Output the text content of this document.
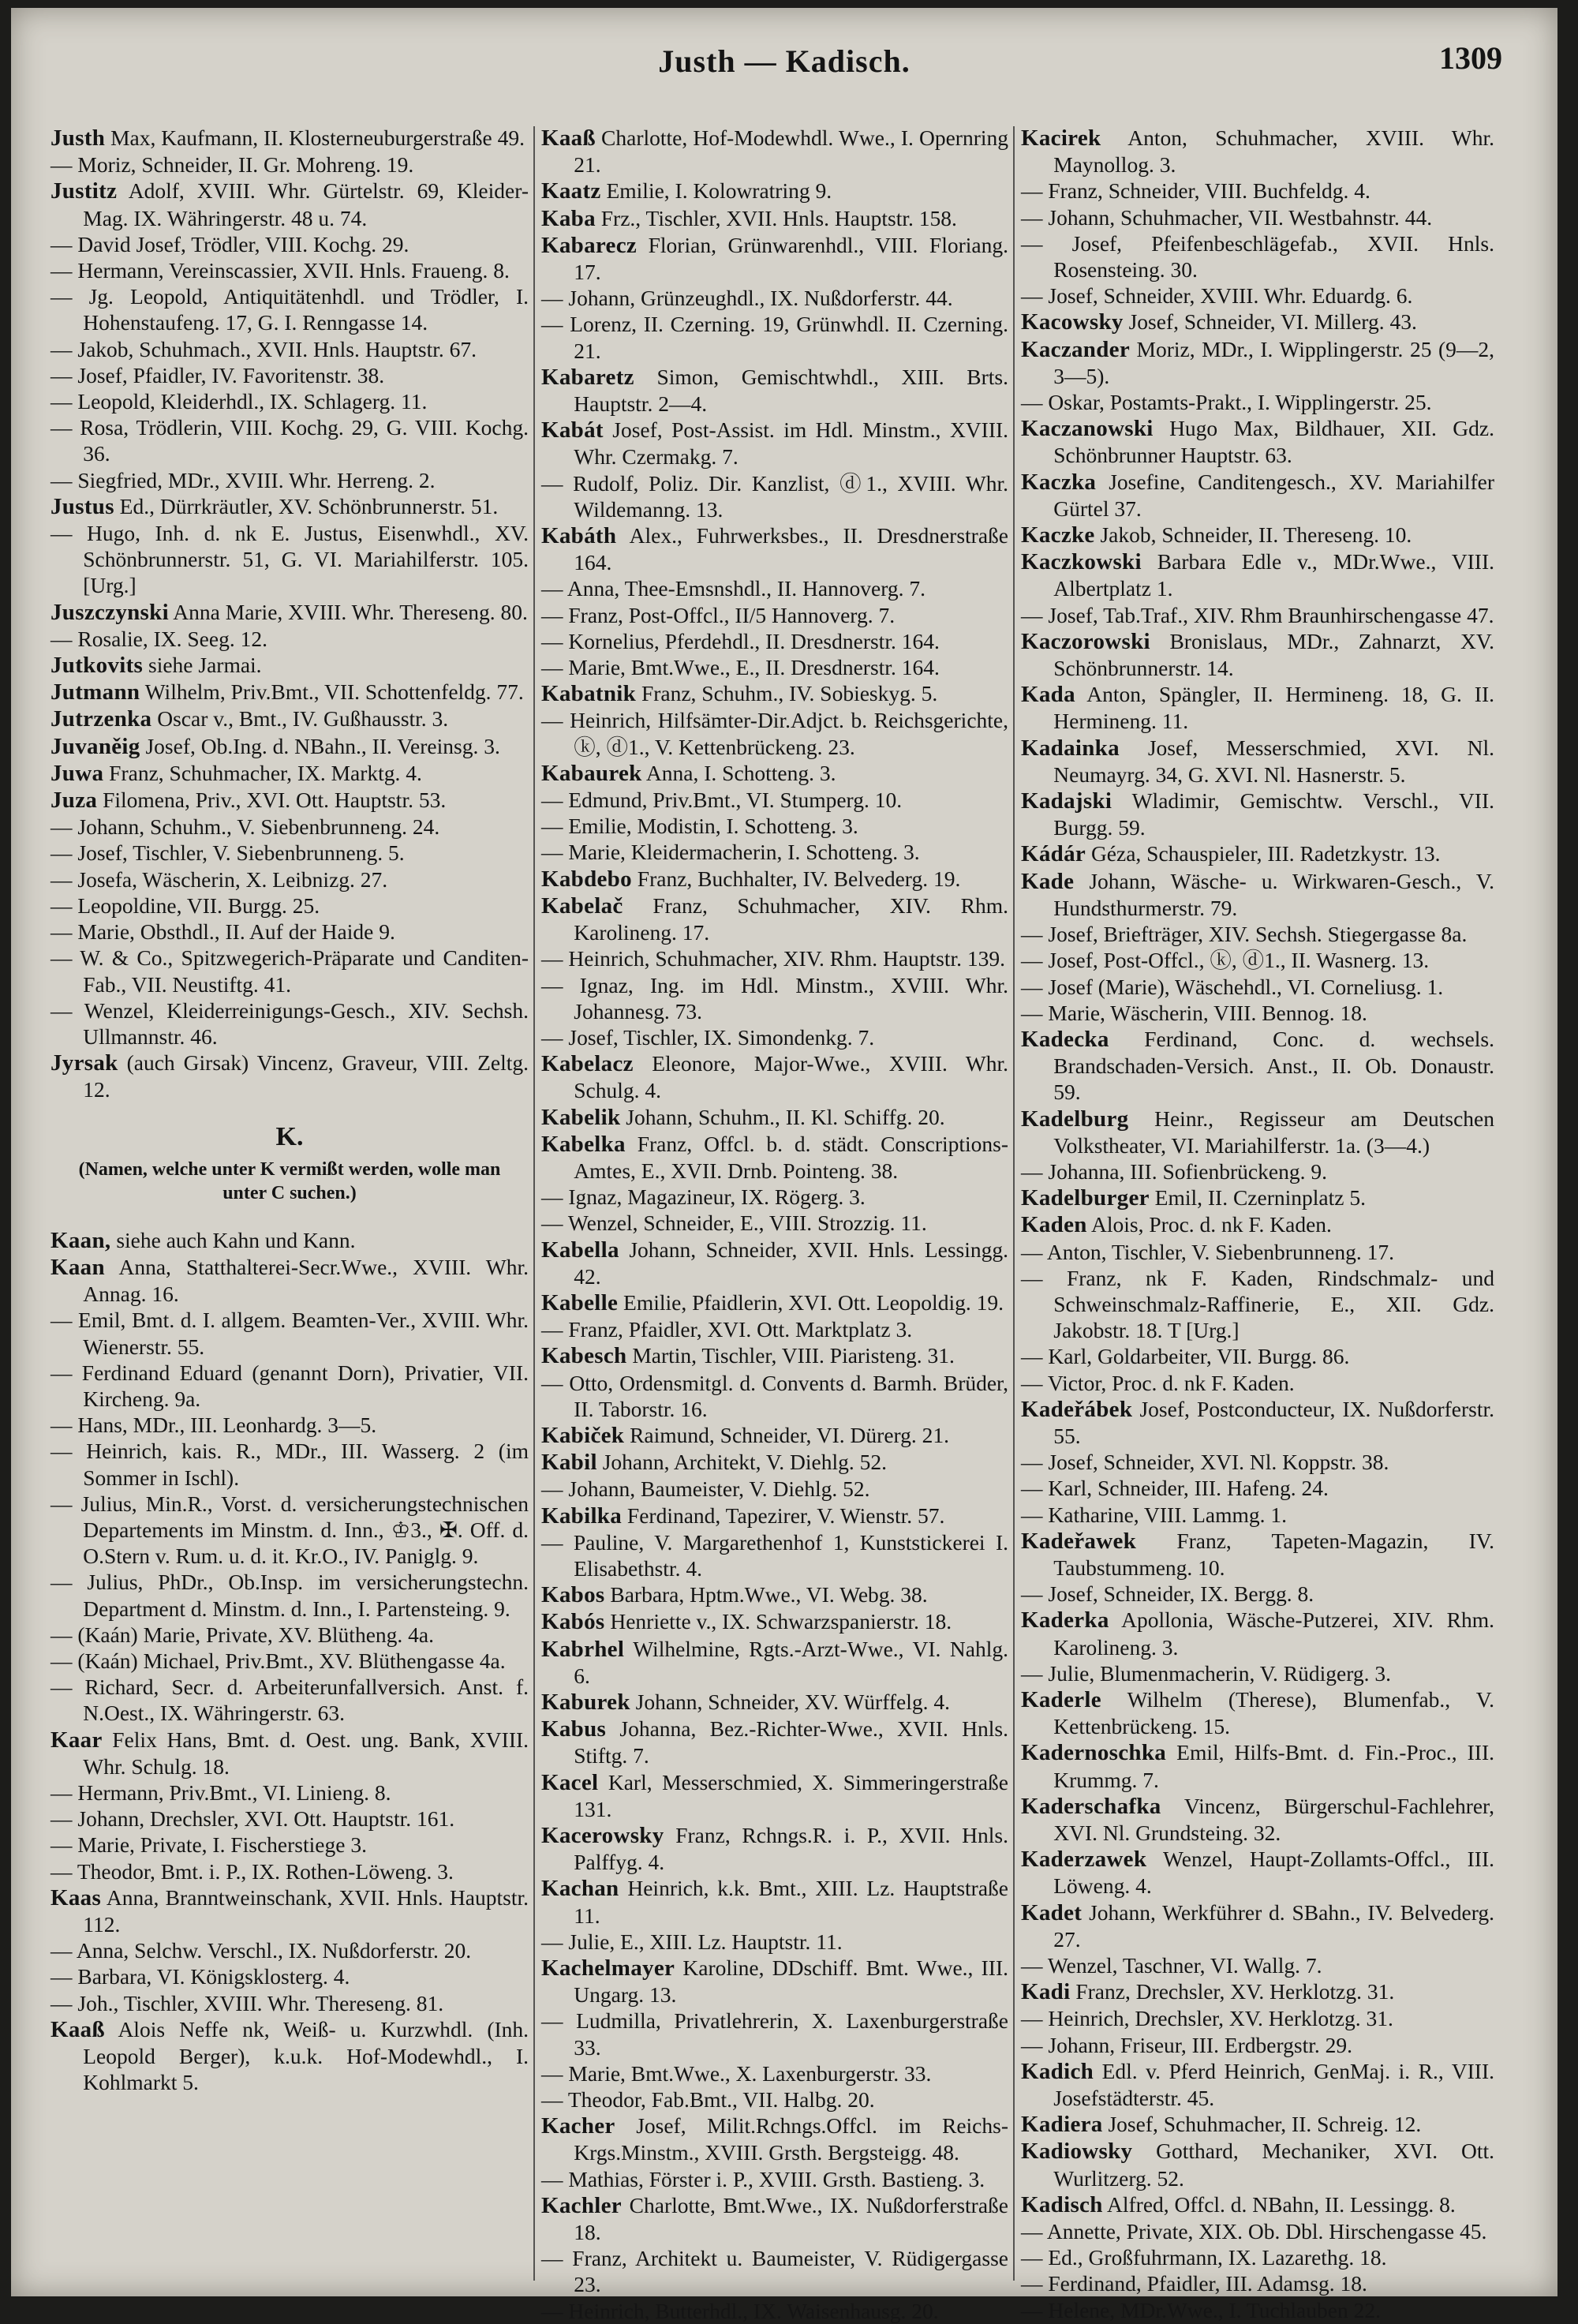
Justh — Kadisch.	1309

Justh Max, Kaufmann, II. Klosterneuburgerstraße 49.

— Moriz, Schneider, II. Gr. Mohreng. 19.

Justitz Adolf, XVIII. Whr. Gürtelstr. 69, Kleider-Mag. IX. Währingerstr. 48 u. 74.

— David Josef, Trödler, VIII. Kochg. 29.

— Hermann, Vereinscassier, XVII. Hnls. Fraueng. 8.

— Jg. Leopold, Antiquitätenhdl. und Trödler, I. Hohenstaufeng. 17, G. I. Renngasse 14.

— Jakob, Schuhmach., XVII. Hnls. Hauptstr. 67.

— Josef, Pfaidler, IV. Favoritenstr. 38.

— Leopold, Kleiderhdl., IX. Schlagerg. 11.

— Rosa, Trödlerin, VIII. Kochg. 29, G. VIII. Kochg. 36.

— Siegfried, MDr., XVIII. Whr. Herreng. 2.

Justus Ed., Dürrkräutler, XV. Schönbrunnerstr. 51.

— Hugo, Inh. d. nk E. Justus, Eisenwhdl., XV. Schönbrunnerstr. 51, G. VI. Mariahilferstr. 105. [Urg.]

Juszczynski Anna Marie, XVIII. Whr. Thereseng. 80.

— Rosalie, IX. Seeg. 12.

Jutkovits siehe Jarmai.

Jutmann Wilhelm, Priv.Bmt., VII. Schottenfeldg. 77.

Jutrzenka Oscar v., Bmt., IV. Gußhausstr. 3.

Juvaněig Josef, Ob.Ing. d. NBahn., II. Vereinsg. 3.

Juwa Franz, Schuhmacher, IX. Marktg. 4.

Juza Filomena, Priv., XVI. Ott. Hauptstr. 53.

— Johann, Schuhm., V. Siebenbrunneng. 24.

— Josef, Tischler, V. Siebenbrunneng. 5.

— Josefa, Wäscherin, X. Leibnizg. 27.

— Leopoldine, VII. Burgg. 25.

— Marie, Obsthdl., II. Auf der Haide 9.

— W. & Co., Spitzwegerich-Präparate und Canditen-Fab., VII. Neustiftg. 41.

— Wenzel, Kleiderreinigungs-Gesch., XIV. Sechsh. Ullmannstr. 46.

Jyrsak (auch Girsak) Vincenz, Graveur, VIII. Zeltg. 12.

K.
(Namen, welche unter K vermißt werden, wolle man unter C suchen.)

Kaan, siehe auch Kahn und Kann.

Kaan Anna, Statthalterei-Secr.Wwe., XVIII. Whr. Annag. 16.

— Emil, Bmt. d. I. allgem. Beamten-Ver., XVIII. Whr. Wienerstr. 55.

— Ferdinand Eduard (genannt Dorn), Privatier, VII. Kircheng. 9a.

— Hans, MDr., III. Leonhardg. 3—5.

— Heinrich, kais. R., MDr., III. Wasserg. 2 (im Sommer in Ischl).

— Julius, Min.R., Vorst. d. versicherungstechnischen Departements im Minstm. d. Inn., ♔3., ✠. Off. d. O.Stern v. Rum. u. d. it. Kr.O., IV. Paniglg. 9.

— Julius, PhDr., Ob.Insp. im versicherungstechn. Department d. Minstm. d. Inn., I. Partensteing. 9.

— (Kaán) Marie, Private, XV. Blütheng. 4a.

— (Kaán) Michael, Priv.Bmt., XV. Blüthengasse 4a.

— Richard, Secr. d. Arbeiterunfallversich. Anst. f. N.Oest., IX. Währingerstr. 63.

Kaar Felix Hans, Bmt. d. Oest. ung. Bank, XVIII. Whr. Schulg. 18.

— Hermann, Priv.Bmt., VI. Linieng. 8.

— Johann, Drechsler, XVI. Ott. Hauptstr. 161.

— Marie, Private, I. Fischerstiege 3.

— Theodor, Bmt. i. P., IX. Rothen-Löweng. 3.

Kaas Anna, Branntweinschank, XVII. Hnls. Hauptstr. 112.

— Anna, Selchw. Verschl., IX. Nußdorferstr. 20.

— Barbara, VI. Königsklosterg. 4.

— Joh., Tischler, XVIII. Whr. Thereseng. 81.

Kaaß Alois Neffe nk, Weiß- u. Kurzwhdl. (Inh. Leopold Berger), k.u.k. Hof-Modewhdl., I. Kohlmarkt 5.

Kaaß Charlotte, Hof-Modewhdl. Wwe., I. Opernring 21.

Kaatz Emilie, I. Kolowratring 9.

Kaba Frz., Tischler, XVII. Hnls. Hauptstr. 158.

Kabarecz Florian, Grünwarenhdl., VIII. Floriang. 17.

— Johann, Grünzeughdl., IX. Nußdorferstr. 44.

— Lorenz, II. Czerning. 19, Grünwhdl. II. Czerning. 21.

Kabaretz Simon, Gemischtwhdl., XIII. Brts. Hauptstr. 2—4.

Kabát Josef, Post-Assist. im Hdl. Minstm., XVIII. Whr. Czermakg. 7.

— Rudolf, Poliz. Dir. Kanzlist, ⓓ1., XVIII. Whr. Wildemanng. 13.

Kabáth Alex., Fuhrwerksbes., II. Dresdnerstraße 164.

— Anna, Thee-Emsnshdl., II. Hannoverg. 7.

— Franz, Post-Offcl., II/5 Hannoverg. 7.

— Kornelius, Pferdehdl., II. Dresdnerstr. 164.

— Marie, Bmt.Wwe., E., II. Dresdnerstr. 164.

Kabatnik Franz, Schuhm., IV. Sobieskyg. 5.

— Heinrich, Hilfsämter-Dir.Adjct. b. Reichsgerichte, ⓚ, ⓓ1., V. Kettenbrückeng. 23.

Kabaurek Anna, I. Schotteng. 3.

— Edmund, Priv.Bmt., VI. Stumperg. 10.

— Emilie, Modistin, I. Schotteng. 3.

— Marie, Kleidermacherin, I. Schotteng. 3.

Kabdebo Franz, Buchhalter, IV. Belvederg. 19.

Kabelač Franz, Schuhmacher, XIV. Rhm. Karolineng. 17.

— Heinrich, Schuhmacher, XIV. Rhm. Hauptstr. 139.

— Ignaz, Ing. im Hdl. Minstm., XVIII. Whr. Johannesg. 73.

— Josef, Tischler, IX. Simondenkg. 7.

Kabelacz Eleonore, Major-Wwe., XVIII. Whr. Schulg. 4.

Kabelik Johann, Schuhm., II. Kl. Schiffg. 20.

Kabelka Franz, Offcl. b. d. städt. Conscriptions-Amtes, E., XVII. Drnb. Pointeng. 38.

— Ignaz, Magazineur, IX. Rögerg. 3.

— Wenzel, Schneider, E., VIII. Strozzig. 11.

Kabella Johann, Schneider, XVII. Hnls. Lessingg. 42.

Kabelle Emilie, Pfaidlerin, XVI. Ott. Leopoldig. 19.

— Franz, Pfaidler, XVI. Ott. Marktplatz 3.

Kabesch Martin, Tischler, VIII. Piaristeng. 31.

— Otto, Ordensmitgl. d. Convents d. Barmh. Brüder, II. Taborstr. 16.

Kabiček Raimund, Schneider, VI. Dürerg. 21.

Kabil Johann, Architekt, V. Diehlg. 52.

— Johann, Baumeister, V. Diehlg. 52.

Kabilka Ferdinand, Tapezirer, V. Wienstr. 57.

— Pauline, V. Margarethenhof 1, Kunststickerei I. Elisabethstr. 4.

Kabos Barbara, Hptm.Wwe., VI. Webg. 38.

Kabós Henriette v., IX. Schwarzspanierstr. 18.

Kabrhel Wilhelmine, Rgts.-Arzt-Wwe., VI. Nahlg. 6.

Kaburek Johann, Schneider, XV. Würffelg. 4.

Kabus Johanna, Bez.-Richter-Wwe., XVII. Hnls. Stiftg. 7.

Kacel Karl, Messerschmied, X. Simmeringerstraße 131.

Kacerowsky Franz, Rchngs.R. i. P., XVII. Hnls. Palffyg. 4.

Kachan Heinrich, k.k. Bmt., XIII. Lz. Hauptstraße 11.

— Julie, E., XIII. Lz. Hauptstr. 11.

Kachelmayer Karoline, DDschiff. Bmt. Wwe., III. Ungarg. 13.

— Ludmilla, Privatlehrerin, X. Laxenburgerstraße 33.

— Marie, Bmt.Wwe., X. Laxenburgerstr. 33.

— Theodor, Fab.Bmt., VII. Halbg. 20.

Kacher Josef, Milit.Rchngs.Offcl. im Reichs-Krgs.Minstm., XVIII. Grsth. Bergsteigg. 48.

— Mathias, Förster i. P., XVIII. Grsth. Bastieng. 3.

Kachler Charlotte, Bmt.Wwe., IX. Nußdorferstraße 18.

— Franz, Architekt u. Baumeister, V. Rüdigergasse 23.

— Heinrich, Butterhdl., IX. Waisenhausg. 20.

Kacirek Anton, Schuhmacher, XVIII. Whr. Maynollog. 3.

— Franz, Schneider, VIII. Buchfeldg. 4.

— Johann, Schuhmacher, VII. Westbahnstr. 44.

— Josef, Pfeifenbeschlägefab., XVII. Hnls. Rosensteing. 30.

— Josef, Schneider, XVIII. Whr. Eduardg. 6.

Kacowsky Josef, Schneider, VI. Millerg. 43.

Kaczander Moriz, MDr., I. Wipplingerstr. 25 (9—2, 3—5).

— Oskar, Postamts-Prakt., I. Wipplingerstr. 25.

Kaczanowski Hugo Max, Bildhauer, XII. Gdz. Schönbrunner Hauptstr. 63.

Kaczka Josefine, Canditengesch., XV. Mariahilfer Gürtel 37.

Kaczke Jakob, Schneider, II. Thereseng. 10.

Kaczkowski Barbara Edle v., MDr.Wwe., VIII. Albertplatz 1.

— Josef, Tab.Traf., XIV. Rhm Braunhirschengasse 47.

Kaczorowski Bronislaus, MDr., Zahnarzt, XV. Schönbrunnerstr. 14.

Kada Anton, Spängler, II. Hermineng. 18, G. II. Hermineng. 11.

Kadainka Josef, Messerschmied, XVI. Nl. Neumayrg. 34, G. XVI. Nl. Hasnerstr. 5.

Kadajski Wladimir, Gemischtw. Verschl., VII. Burgg. 59.

Kádár Géza, Schauspieler, III. Radetzkystr. 13.

Kade Johann, Wäsche- u. Wirkwaren-Gesch., V. Hundsthurmerstr. 79.

— Josef, Briefträger, XIV. Sechsh. Stiegergasse 8a.

— Josef, Post-Offcl., ⓚ, ⓓ1., II. Wasnerg. 13.

— Josef (Marie), Wäschehdl., VI. Corneliusg. 1.

— Marie, Wäscherin, VIII. Bennog. 18.

Kadecka Ferdinand, Conc. d. wechsels. Brandschaden-Versich. Anst., II. Ob. Donaustr. 59.

Kadelburg Heinr., Regisseur am Deutschen Volkstheater, VI. Mariahilferstr. 1a. (3—4.)

— Johanna, III. Sofienbrückeng. 9.

Kadelburger Emil, II. Czerninplatz 5.

Kaden Alois, Proc. d. nk F. Kaden.

— Anton, Tischler, V. Siebenbrunneng. 17.

— Franz, nk F. Kaden, Rindschmalz- und Schweinschmalz-Raffinerie, E., XII. Gdz. Jakobstr. 18. T [Urg.]

— Karl, Goldarbeiter, VII. Burgg. 86.

— Victor, Proc. d. nk F. Kaden.

Kadeřábek Josef, Postconducteur, IX. Nußdorferstr. 55.

— Josef, Schneider, XVI. Nl. Koppstr. 38.

— Karl, Schneider, III. Hafeng. 24.

— Katharine, VIII. Lammg. 1.

Kadeřawek Franz, Tapeten-Magazin, IV. Taubstummeng. 10.

— Josef, Schneider, IX. Bergg. 8.

Kaderka Apollonia, Wäsche-Putzerei, XIV. Rhm. Karolineng. 3.

— Julie, Blumenmacherin, V. Rüdigerg. 3.

Kaderle Wilhelm (Therese), Blumenfab., V. Kettenbrückeng. 15.

Kadernoschka Emil, Hilfs-Bmt. d. Fin.-Proc., III. Krummg. 7.

Kaderschafka Vincenz, Bürgerschul-Fachlehrer, XVI. Nl. Grundsteing. 32.

Kaderzawek Wenzel, Haupt-Zollamts-Offcl., III. Löweng. 4.

Kadet Johann, Werkführer d. SBahn., IV. Belvederg. 27.

— Wenzel, Taschner, VI. Wallg. 7.

Kadi Franz, Drechsler, XV. Herklotzg. 31.

— Heinrich, Drechsler, XV. Herklotzg. 31.

— Johann, Friseur, III. Erdbergstr. 29.

Kadich Edl. v. Pferd Heinrich, GenMaj. i. R., VIII. Josefstädterstr. 45.

Kadiera Josef, Schuhmacher, II. Schreig. 12.

Kadiowsky Gotthard, Mechaniker, XVI. Ott. Wurlitzerg. 52.

Kadisch Alfred, Offcl. d. NBahn, II. Lessingg. 8.

— Annette, Private, XIX. Ob. Dbl. Hirschengasse 45.

— Ed., Großfuhrmann, IX. Lazarethg. 18.

— Ferdinand, Pfaidler, III. Adamsg. 18.

— Helene, MDr.Wwe., I. Tuchlauben 22.
